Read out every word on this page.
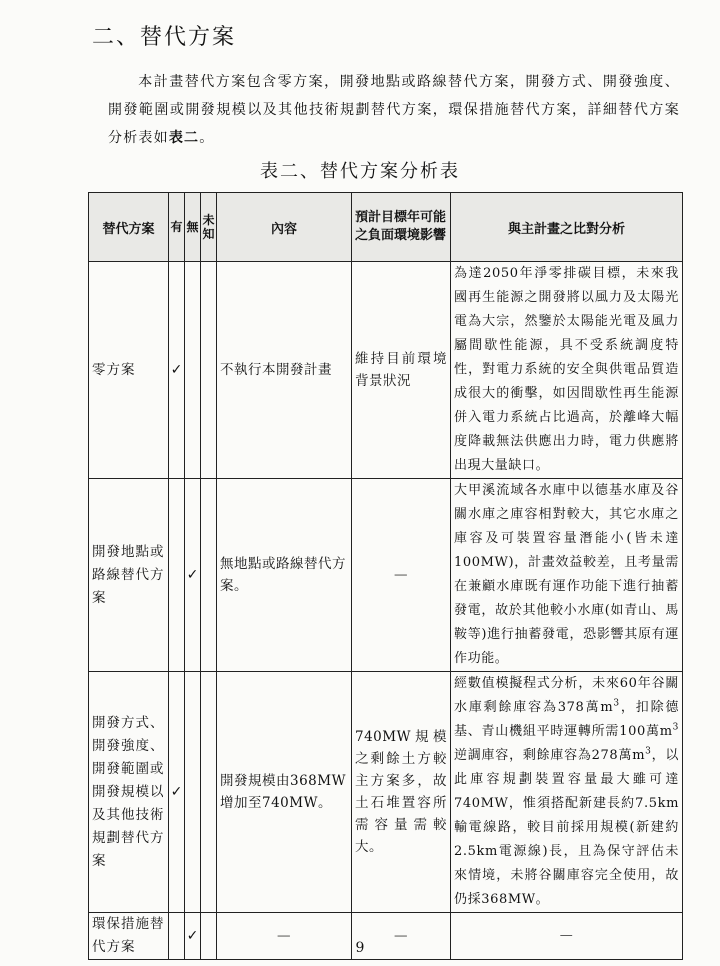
二、替代方案
本計畫替代方案包含零方案，開發地點或路線替代方案，開發方式、開發強度、開發範圍或開發規模以及其他技術規劃替代方案，環保措施替代方案，詳細替代方案分析表如表二。
表二、替代方案分析表
替代方案	有	無	未知	內容	預計目標年可能之負面環境影響	與主計畫之比對分析
零方案	✓			不執行本開發計畫	維持目前環境背景狀況	為達2050年淨零排碳目標，未來我國再生能源之開發將以風力及太陽光電為大宗，然鑒於太陽能光電及風力屬間歇性能源，具不受系統調度特性，對電力系統的安全與供電品質造成很大的衝擊，如因間歇性再生能源併入電力系統占比過高，於離峰大幅度降載無法供應出力時，電力供應將出現大量缺口。
開發地點或路線替代方案		✓		無地點或路線替代方案。	—	大甲溪流域各水庫中以德基水庫及谷關水庫之庫容相對較大，其它水庫之庫容及可裝置容量潛能小(皆未達100MW)，計畫效益較差，且考量需在兼顧水庫既有運作功能下進行抽蓄發電，故於其他較小水庫(如青山、馬鞍等)進行抽蓄發電，恐影響其原有運作功能。
開發方式、開發強度、開發範圍或開發規模以及其他技術規劃替代方案	✓			開發規模由368MW增加至740MW。	740MW規模之剩餘土方較主方案多，故土石堆置容所需容量需較大。	經數值模擬程式分析，未來60年谷關水庫剩餘庫容為378萬$m^3$，扣除德基、青山機組平時運轉所需100萬$m^3$逆調庫容，剩餘庫容為278萬$m^3$，以此庫容規劃裝置容量最大雖可達740MW，惟須搭配新建長約7.5km輸電線路，較目前採用規模(新建約2.5km電源線)長，且為保守評估未來情境，未將谷關庫容完全使用，故仍採368MW。
環保措施替代方案		✓		—	—	—
9
